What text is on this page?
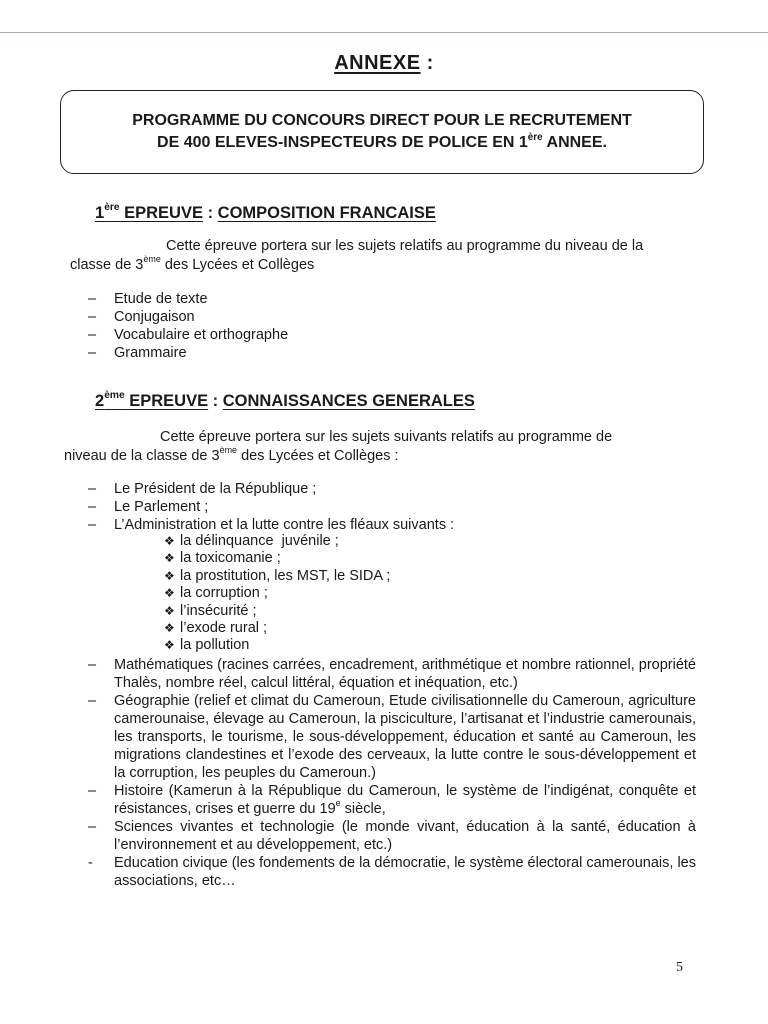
ANNEXE :
PROGRAMME DU CONCOURS DIRECT POUR LE RECRUTEMENT
DE 400 ELEVES-INSPECTEURS DE POLICE EN 1ère ANNEE.
1ère EPREUVE : COMPOSITION FRANCAISE
Cette épreuve portera sur les sujets relatifs au programme du niveau de la
classe de 3ème des Lycées et Collèges
–	Etude de texte
–	Conjugaison
–	Vocabulaire et orthographe
–	Grammaire
2ème EPREUVE : CONNAISSANCES GENERALES
Cette épreuve portera sur les sujets suivants relatifs au programme de
niveau de la classe de 3ème des Lycées et Collèges :
–	Le Président de la République ;
–	Le Parlement ;
–	L’Administration et la lutte contre les fléaux suivants :
❖ la délinquance  juvénile ;
❖ la toxicomanie ;
❖ la prostitution, les MST, le SIDA ;
❖ la corruption ;
❖ l’insécurité ;
❖ l’exode rural ;
❖ la pollution
–	Mathématiques (racines carrées, encadrement, arithmétique et nombre rationnel, propriété Thalès, nombre réel, calcul littéral, équation et inéquation, etc.)
–	Géographie (relief et climat du Cameroun, Etude civilisationnelle du Cameroun, agriculture camerounaise, élevage au Cameroun, la pisciculture, l’artisanat et l’industrie camerounais, les transports, le tourisme, le sous-développement, éducation et santé au Cameroun, les migrations clandestines et l’exode des cerveaux, la lutte contre le sous-développement et la corruption, les peuples du Cameroun.)
–	Histoire (Kamerun à la République du Cameroun, le système de l’indigénat, conquête et résistances, crises et guerre du 19e siècle,
–	Sciences vivantes et technologie (le monde vivant, éducation à la santé, éducation à l’environnement et au développement, etc.)
-	Education civique (les fondements de la démocratie, le système électoral camerounais, les associations, etc…
5
